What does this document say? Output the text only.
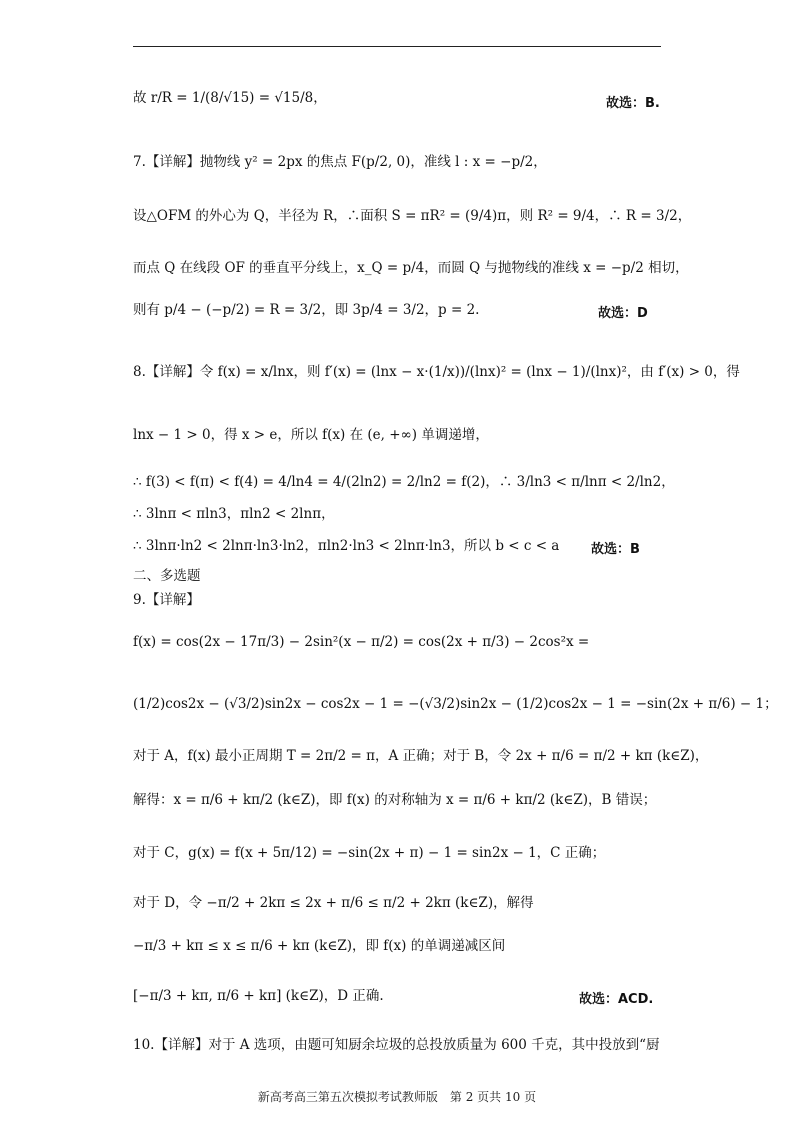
故 r/R = 1/(8/√15) = √15/8，	故选：B.
7.【详解】抛物线 y² = 2px 的焦点 F(p/2, 0)，准线 l : x = −p/2，
设△OFM 的外心为 Q，半径为 R，∴面积 S = πR² = (9/4)π，则 R² = 9/4，∴ R = 3/2，
而点 Q 在线段 OF 的垂直平分线上，x_Q = p/4，而圆 Q 与抛物线的准线 x = −p/2 相切，
则有 p/4 − (−p/2) = R = 3/2，即 3p/4 = 3/2，p = 2.	故选：D
8.【详解】令 f(x) = x/lnx，则 f′(x) = (lnx − x·(1/x))/(lnx)² = (lnx − 1)/(lnx)²，由 f′(x) > 0，得
lnx − 1 > 0，得 x > e，所以 f(x) 在 (e, +∞) 单调递增，
∴ f(3) < f(π) < f(4) = 4/ln4 = 4/(2ln2) = 2/ln2 = f(2)，∴ 3/ln3 < π/lnπ < 2/ln2，
∴ 3lnπ < πln3，πln2 < 2lnπ，
∴ 3lnπ·ln2 < 2lnπ·ln3·ln2，πln2·ln3 < 2lnπ·ln3，所以 b < c < a	故选：B
二、多选题
9.【详解】
f(x) = cos(2x − 17π/3) − 2sin²(x − π/2) = cos(2x + π/3) − 2cos²x =
(1/2)cos2x − (√3/2)sin2x − cos2x − 1 = −(√3/2)sin2x − (1/2)cos2x − 1 = −sin(2x + π/6) − 1；
对于 A，f(x) 最小正周期 T = 2π/2 = π，A 正确；对于 B，令 2x + π/6 = π/2 + kπ (k∈Z)，
解得：x = π/6 + kπ/2 (k∈Z)，即 f(x) 的对称轴为 x = π/6 + kπ/2 (k∈Z)，B 错误；
对于 C，g(x) = f(x + 5π/12) = −sin(2x + π) − 1 = sin2x − 1，C 正确；
对于 D，令 −π/2 + 2kπ ≤ 2x + π/6 ≤ π/2 + 2kπ (k∈Z)，解得
−π/3 + kπ ≤ x ≤ π/6 + kπ (k∈Z)，即 f(x) 的单调递减区间
[−π/3 + kπ, π/6 + kπ] (k∈Z)，D 正确.	故选：ACD.
10.【详解】对于 A 选项，由题可知厨余垃圾的总投放质量为 600 千克，其中投放到“厨
新高考高三第五次模拟考试教师版　第 2 页共 10 页
